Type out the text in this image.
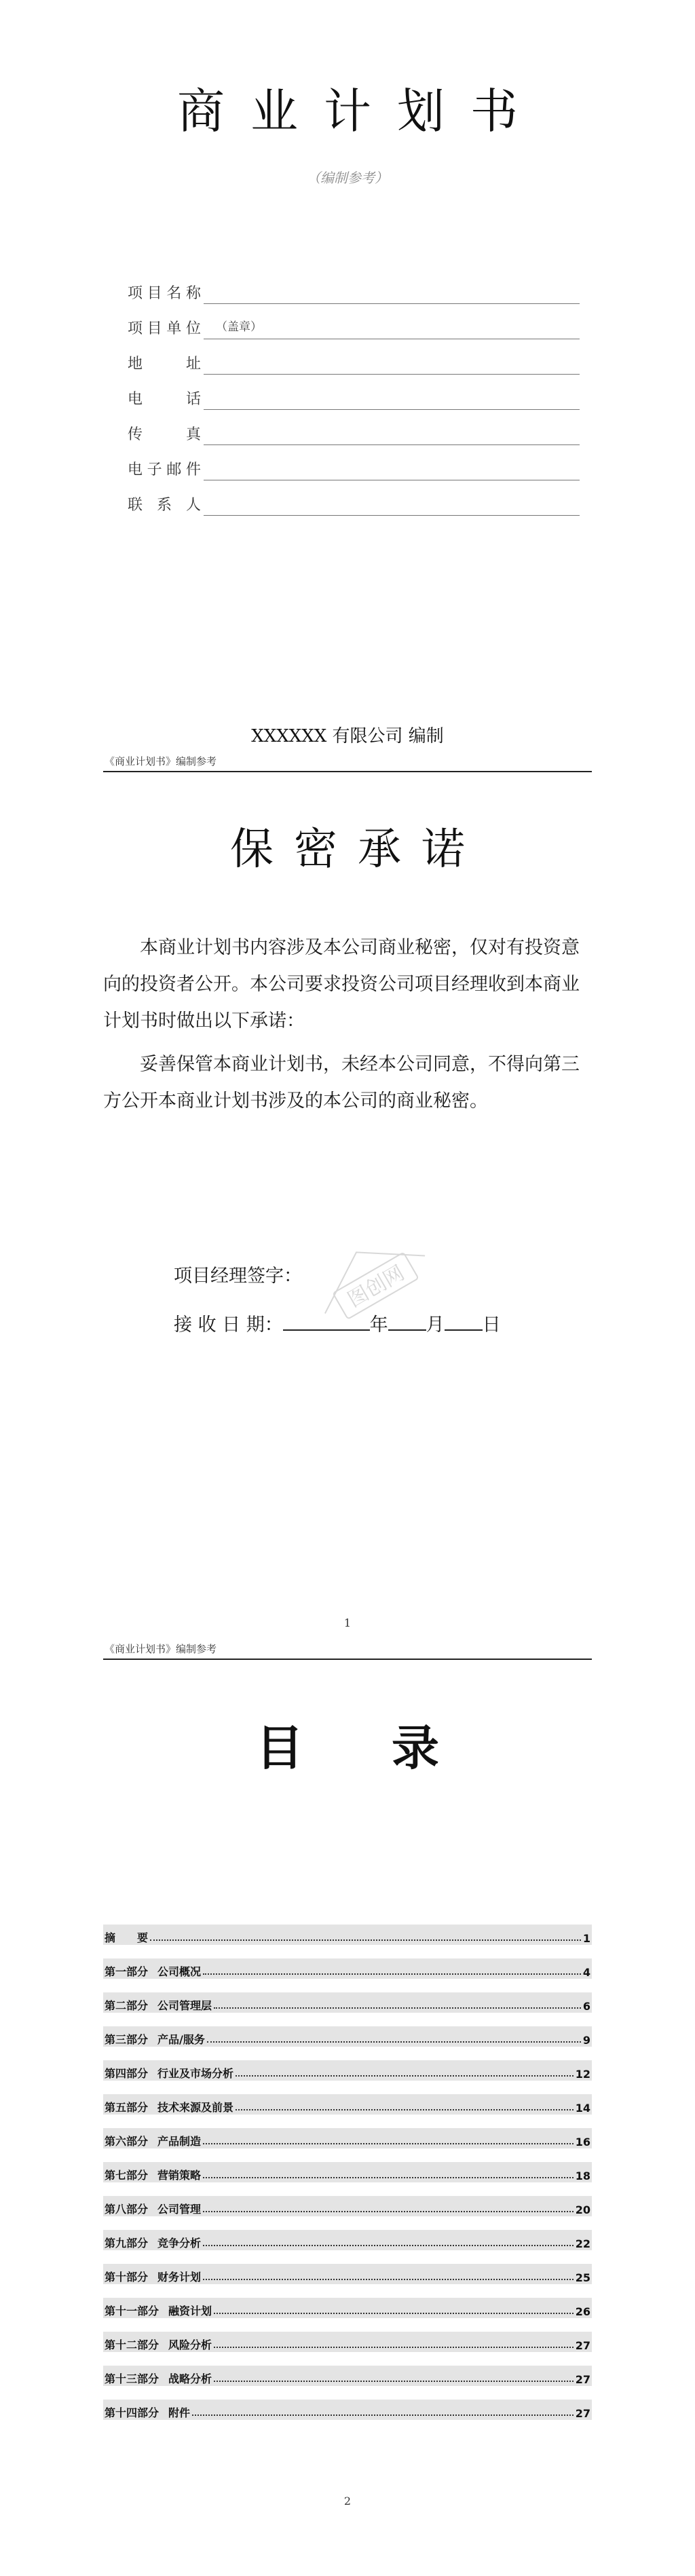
商业计划书
（编制参考）
项目名称
项目单位 （盖章）
地址
电话
传真
电子邮件
联系人
XXXXXX 有限公司 编制
《商业计划书》编制参考
保密承诺

本商业计划书内容涉及本公司商业秘密，仅对有投资意向的投资者公开。本公司要求投资公司项目经理收到本商业计划书时做出以下承诺：

妥善保管本商业计划书，未经本公司同意，不得向第三方公开本商业计划书涉及的本公司的商业秘密。

图创网
项目经理签字：
接 收 日 期：	年 月 日
1
《商业计划书》编制参考
目录
摘　　要	1
第一部分 公司概况	4
第二部分 公司管理层	6
第三部分 产品/服务	9
第四部分 行业及市场分析	12
第五部分 技术来源及前景	14
第六部分 产品制造	16
第七部分 营销策略	18
第八部分 公司管理	20
第九部分 竞争分析	22
第十部分 财务计划	25
第十一部分 融资计划	26
第十二部分 风险分析	27
第十三部分 战略分析	27
第十四部分 附件	27
2
